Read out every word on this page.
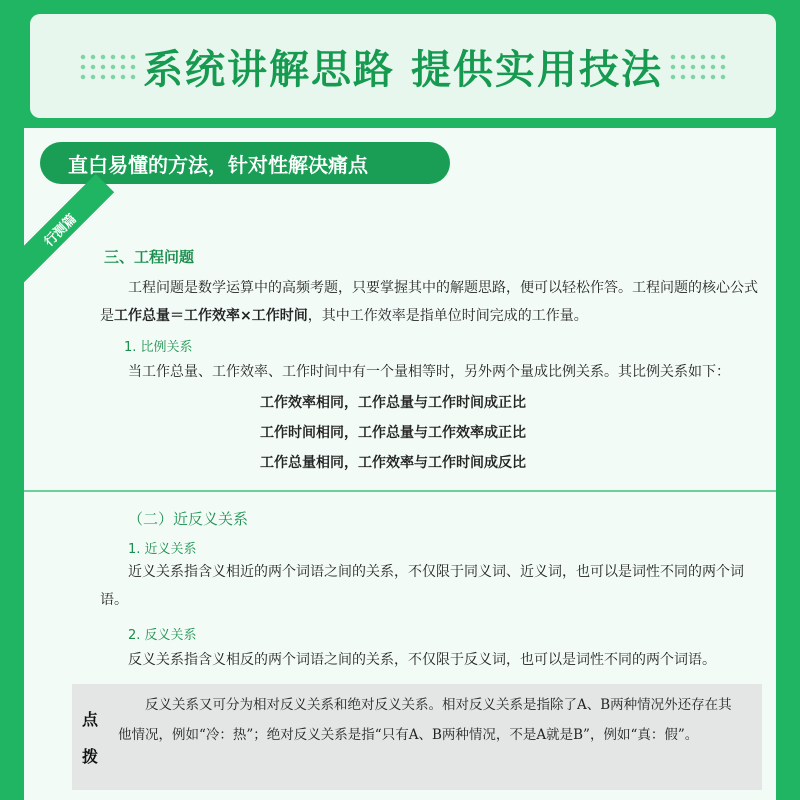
系统讲解思路 提供实用技法
直白易懂的方法，针对性解决痛点
行测篇
三、工程问题
工程问题是数学运算中的高频考题，只要掌握其中的解题思路，便可以轻松作答。工程问题的核心公式是工作总量＝工作效率×工作时间，其中工作效率是指单位时间完成的工作量。
1. 比例关系
当工作总量、工作效率、工作时间中有一个量相等时，另外两个量成比例关系。其比例关系如下：
工作效率相同，工作总量与工作时间成正比
工作时间相同，工作总量与工作效率成正比
工作总量相同，工作效率与工作时间成反比
（二）近反义关系
1. 近义关系
近义关系指含义相近的两个词语之间的关系，不仅限于同义词、近义词，也可以是词性不同的两个词语。
2. 反义关系
反义关系指含义相反的两个词语之间的关系，不仅限于反义词，也可以是词性不同的两个词语。
点
拨
反义关系又可分为相对反义关系和绝对反义关系。相对反义关系是指除了A、B两种情况外还存在其他情况，例如“冷：热”；绝对反义关系是指“只有A、B两种情况，不是A就是B”，例如“真：假”。
